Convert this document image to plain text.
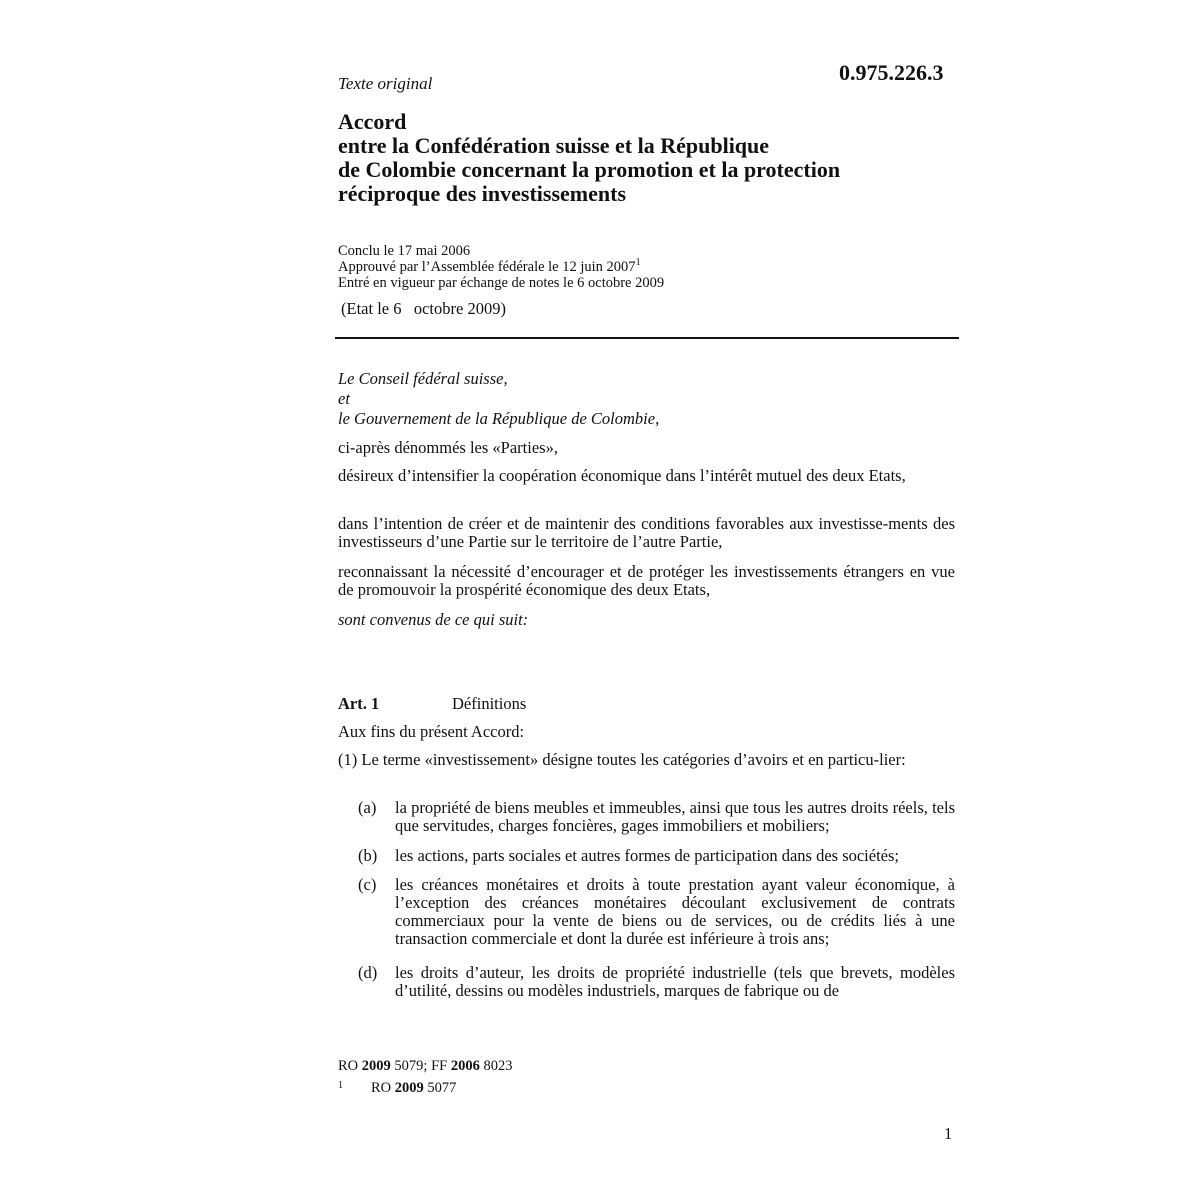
Texte original	0.975.226.3
Accord
entre la Confédération suisse et la République
de Colombie concernant la promotion et la protection
réciproque des investissements
Conclu le 17 mai 2006
Approuvé par l’Assemblée fédérale le 12 juin 2007$^1$
Entré en vigueur par échange de notes le 6 octobre 2009
(Etat le 6 octobre 2009)
Le Conseil fédéral suisse,
et
le Gouvernement de la République de Colombie,
ci-après dénommés les «Parties»,
désireux d’intensifier la coopération économique dans l’intérêt mutuel des deux Etats,
dans l’intention de créer et de maintenir des conditions favorables aux investisse-ments des investisseurs d’une Partie sur le territoire de l’autre Partie,
reconnaissant la nécessité d’encourager et de protéger les investissements étrangers en vue de promouvoir la prospérité économique des deux Etats,
sont convenus de ce qui suit:
Art. 1	Définitions
Aux fins du présent Accord:
(1) Le terme «investissement» désigne toutes les catégories d’avoirs et en particu-lier:
(a) la propriété de biens meubles et immeubles, ainsi que tous les autres droits réels, tels que servitudes, charges foncières, gages immobiliers et mobiliers;
(b) les actions, parts sociales et autres formes de participation dans des sociétés;
(c) les créances monétaires et droits à toute prestation ayant valeur économique, à l’exception des créances monétaires découlant exclusivement de contrats commerciaux pour la vente de biens ou de services, ou de crédits liés à une transaction commerciale et dont la durée est inférieure à trois ans;
(d) les droits d’auteur, les droits de propriété industrielle (tels que brevets, modèles d’utilité, dessins ou modèles industriels, marques de fabrique ou de
RO 2009 5079; FF 2006 8023
1 RO 2009 5077
1
